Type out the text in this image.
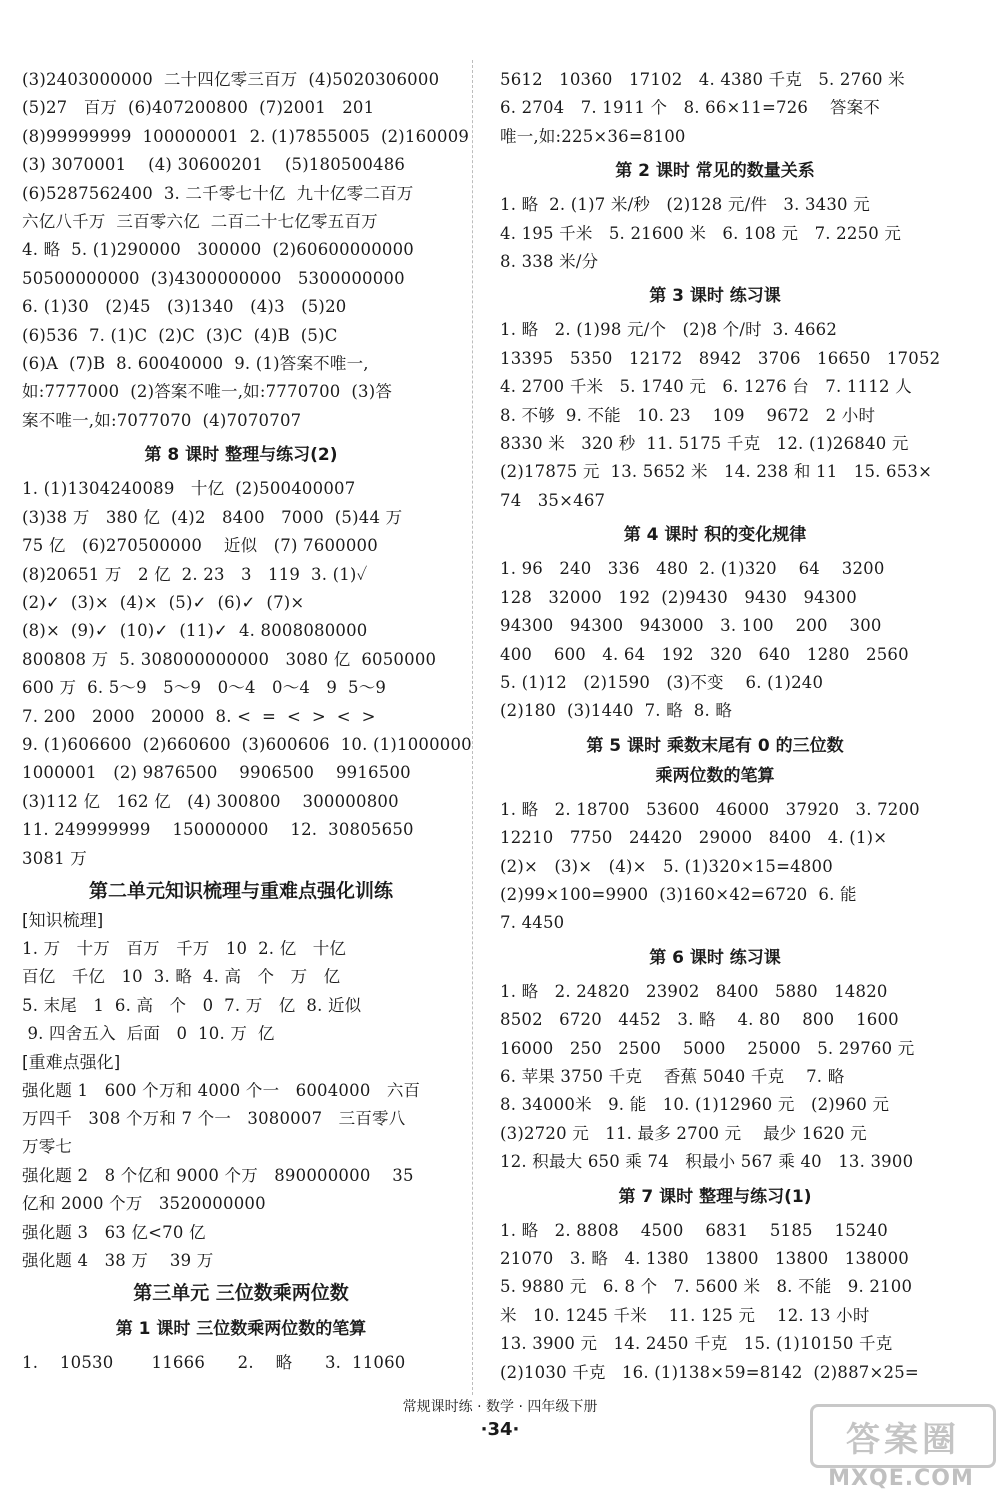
(3)2403000000  二十四亿零三百万  (4)5020306000
(5)27   百万  (6)407200800  (7)2001   201
(8)99999999  100000001  2. (1)7855005  (2)160009
(3) 3070001    (4) 30600201    (5)180500486
(6)5287562400  3. 二千零七十亿  九十亿零二百万
六亿八千万  三百零六亿  二百二十七亿零五百万
4. 略  5. (1)290000   300000  (2)60600000000
50500000000  (3)4300000000   5300000000
6. (1)30   (2)45   (3)1340   (4)3   (5)20
(6)536  7. (1)C  (2)C  (3)C  (4)B  (5)C
(6)A  (7)B  8. 60040000  9. (1)答案不唯一,
如:7777000  (2)答案不唯一,如:7770700  (3)答
案不唯一,如:7077070  (4)7070707
第 8 课时 整理与练习(2)
1. (1)1304240089   十亿  (2)500400007
(3)38 万   380 亿  (4)2   8400   7000  (5)44 万
75 亿   (6)270500000    近似   (7) 7600000
(8)20651 万   2 亿  2. 23   3   119  3. (1)✓
(2)✓  (3)×  (4)×  (5)✓  (6)✓  (7)×
(8)×  (9)✓  (10)✓  (11)✓  4. 8008080000
800808 万  5. 308000000000   3080 亿  6050000
600 万  6. 5～9   5～9   0～4   0～4   9  5～9
7. 200   2000   20000  8. <  =  <  >  <  >
9. (1)606600  (2)660600  (3)600606  10. (1)1000000
1000001   (2) 9876500    9906500    9916500
(3)112 亿   162 亿   (4) 300800    300000800
11. 249999999    150000000    12.  30805650
3081 万
第二单元知识梳理与重难点强化训练
[知识梳理]
1. 万   十万   百万   千万   10  2. 亿   十亿
百亿   千亿   10  3. 略  4. 高   个   万   亿
5. 末尾   1  6. 高   个   0  7. 万   亿  8. 近似
9. 四舍五入  后面   0  10. 万  亿
[重难点强化]
强化题 1   600 个万和 4000 个一   6004000   六百
万四千   308 个万和 7 个一   3080007   三百零八
万零七
强化题 2   8 个亿和 9000 个万   890000000    35
亿和 2000 个万   3520000000
强化题 3   63 亿<70 亿
强化题 4   38 万    39 万
第三单元 三位数乘两位数
第 1 课时 三位数乘两位数的笔算
1.    10530       11666      2.    略      3.  11060
5612   10360   17102   4. 4380 千克   5. 2760 米
6. 2704   7. 1911 个   8. 66×11=726    答案不
唯一,如:225×36=8100
第 2 课时 常见的数量关系
1. 略  2. (1)7 米/秒   (2)128 元/件   3. 3430 元
4. 195 千米   5. 21600 米   6. 108 元   7. 2250 元
8. 338 米/分
第 3 课时 练习课
1. 略   2. (1)98 元/个   (2)8 个/时  3. 4662
13395   5350   12172   8942   3706   16650   17052
4. 2700 千米   5. 1740 元   6. 1276 台   7. 1112 人
8. 不够  9. 不能   10. 23    109    9672   2 小时
8330 米   320 秒  11. 5175 千克   12. (1)26840 元
(2)17875 元  13. 5652 米   14. 238 和 11   15. 653×
74   35×467
第 4 课时 积的变化规律
1. 96   240   336   480  2. (1)320    64    3200
128   32000   192  (2)9430   9430   94300
94300   94300   943000   3. 100    200    300
400    600   4. 64   192   320   640   1280   2560
5. (1)12   (2)1590   (3)不变    6. (1)240
(2)180  (3)1440  7. 略  8. 略
第 5 课时 乘数末尾有 0 的三位数
乘两位数的笔算
1. 略   2. 18700   53600   46000   37920   3. 7200
12210   7750   24420   29000   8400   4. (1)×
(2)×   (3)×   (4)×   5. (1)320×15=4800
(2)99×100=9900  (3)160×42=6720  6. 能
7. 4450
第 6 课时 练习课
1. 略   2. 24820   23902   8400   5880   14820
8502   6720   4452   3. 略    4. 80    800    1600
16000   250   2500    5000    25000   5. 29760 元
6. 苹果 3750 千克    香蕉 5040 千克    7. 略
8. 34000米   9. 能   10. (1)12960 元   (2)960 元
(3)2720 元   11. 最多 2700 元    最少 1620 元
12. 积最大 650 乘 74   积最小 567 乘 40   13. 3900
第 7 课时 整理与练习(1)
1. 略   2. 8808    4500    6831    5185    15240
21070   3. 略   4. 1380   13800   13800   138000
5. 9880 元   6. 8 个   7. 5600 米   8. 不能   9. 2100
米   10. 1245 千米    11. 125 元    12. 13 小时
13. 3900 元   14. 2450 千克   15. (1)10150 千克
(2)1030 千克   16. (1)138×59=8142  (2)887×25=
常规课时练 · 数学 · 四年级下册
·34·	答案圈
MXQE.COM
